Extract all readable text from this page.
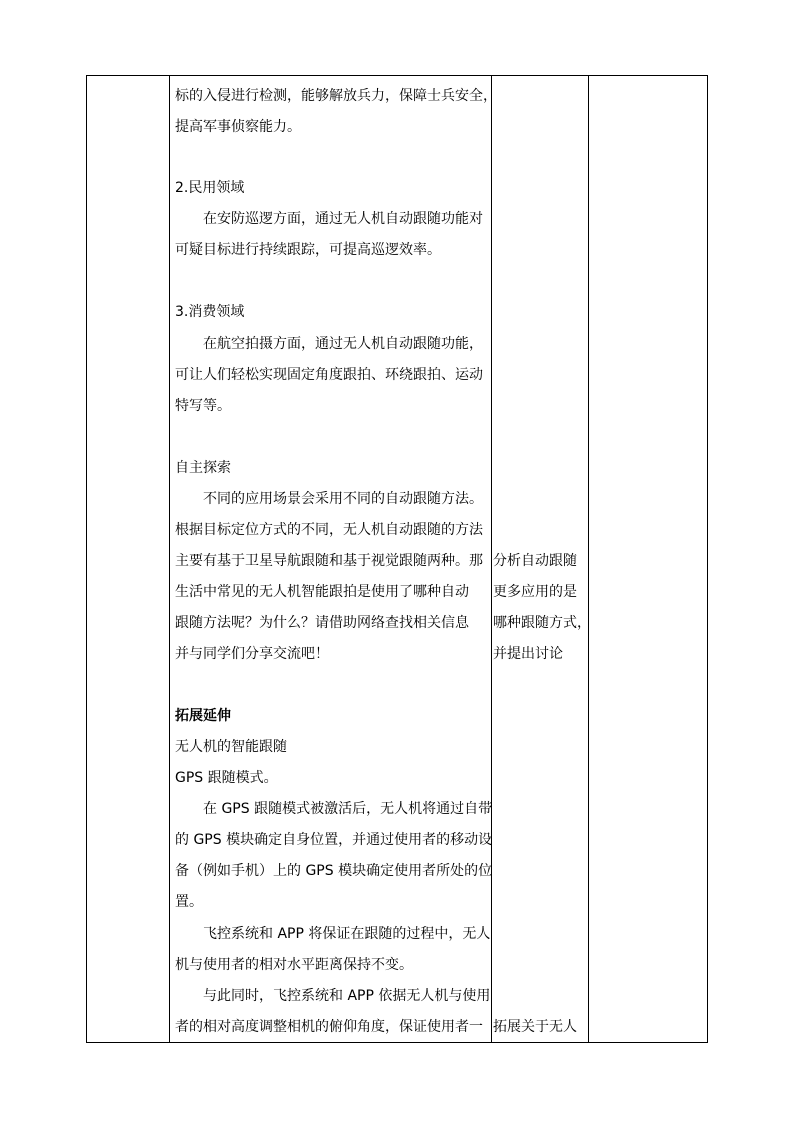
标的入侵进行检测，能够解放兵力，保障士兵安全，
提高军事侦察能力。
2.民用领域
在安防巡逻方面，通过无人机自动跟随功能对
可疑目标进行持续跟踪，可提高巡逻效率。
3.消费领域
在航空拍摄方面，通过无人机自动跟随功能，
可让人们轻松实现固定角度跟拍、环绕跟拍、运动
特写等。
自主探索
不同的应用场景会采用不同的自动跟随方法。
根据目标定位方式的不同，无人机自动跟随的方法
主要有基于卫星导航跟随和基于视觉跟随两种。那
生活中常见的无人机智能跟拍是使用了哪种自动
跟随方法呢？为什么？请借助网络查找相关信息
并与同学们分享交流吧！
拓展延伸
无人机的智能跟随
GPS 跟随模式。
在 GPS 跟随模式被激活后，无人机将通过自带
的 GPS 模块确定自身位置，并通过使用者的移动设
备（例如手机）上的 GPS 模块确定使用者所处的位
置。
飞控系统和 APP 将保证在跟随的过程中，无人
机与使用者的相对水平距离保持不变。
与此同时，飞控系统和 APP 依据无人机与使用
者的相对高度调整相机的俯仰角度，保证使用者一
分析自动跟随
更多应用的是
哪种跟随方式，
并提出讨论
拓展关于无人
